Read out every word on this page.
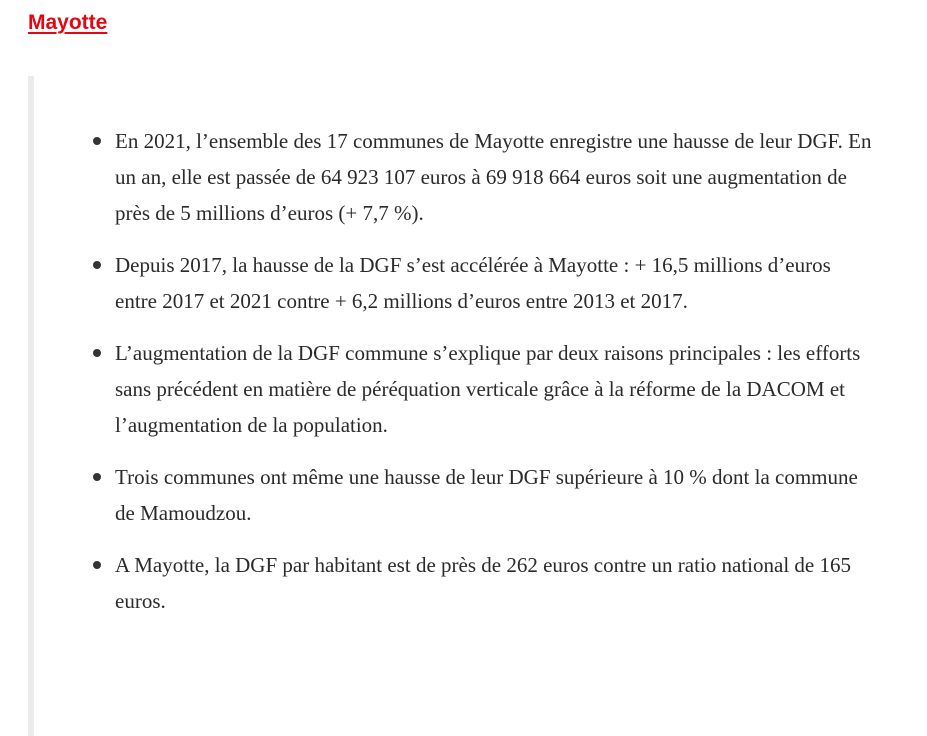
Mayotte
En 2021, l’ensemble des 17 communes de Mayotte enregistre une hausse de leur DGF. En un an, elle est passée de 64 923 107 euros à 69 918 664 euros soit une augmentation de près de 5 millions d’euros (+ 7,7 %).
Depuis 2017, la hausse de la DGF s’est accélérée à Mayotte : + 16,5 millions d’euros entre 2017 et 2021 contre + 6,2 millions d’euros entre 2013 et 2017.
L’augmentation de la DGF commune s’explique par deux raisons principales : les efforts sans précédent en matière de péréquation verticale grâce à la réforme de la DACOM et l’augmentation de la population.
Trois communes ont même une hausse de leur DGF supérieure à 10 % dont la commune de Mamoudzou.
A Mayotte, la DGF par habitant est de près de 262 euros contre un ratio national de 165 euros.
